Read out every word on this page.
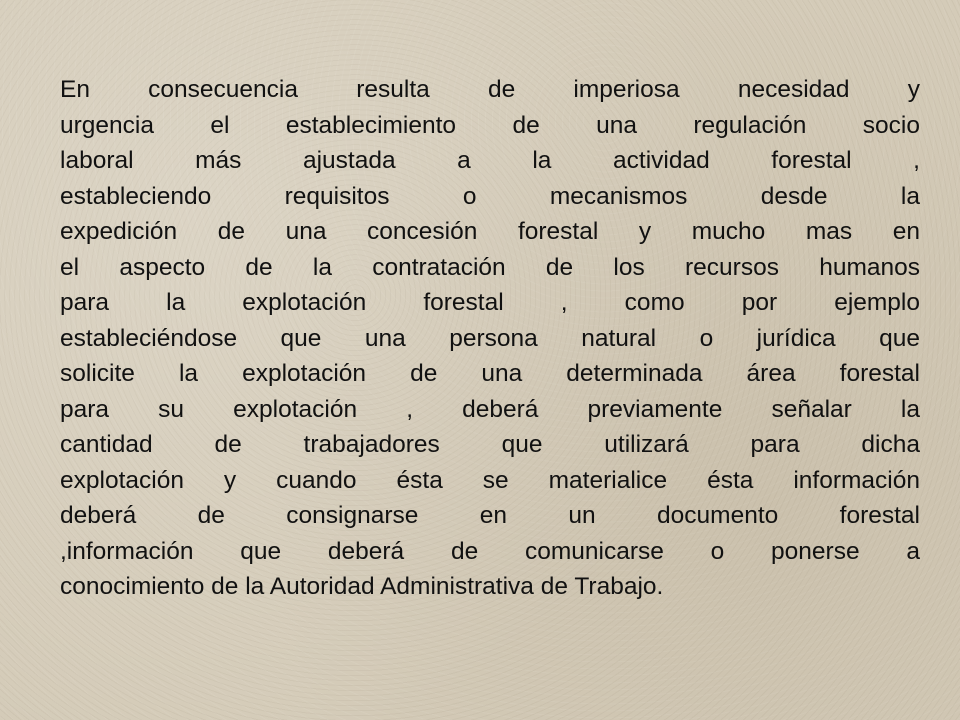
En consecuencia resulta de imperiosa necesidad y
urgencia el establecimiento de una regulación socio
laboral más ajustada a la actividad forestal ,
estableciendo requisitos o mecanismos desde la
expedición de una concesión forestal y mucho mas en
el aspecto de la contratación de los recursos humanos
para la explotación forestal , como por ejemplo
estableciéndose que una persona natural o jurídica que
solicite la explotación de una determinada área forestal
para su explotación , deberá previamente señalar la
cantidad de trabajadores que utilizará para dicha
explotación y cuando ésta se materialice ésta información
deberá de consignarse en un documento forestal
,información que deberá de comunicarse o ponerse a
conocimiento de la Autoridad Administrativa de Trabajo.
